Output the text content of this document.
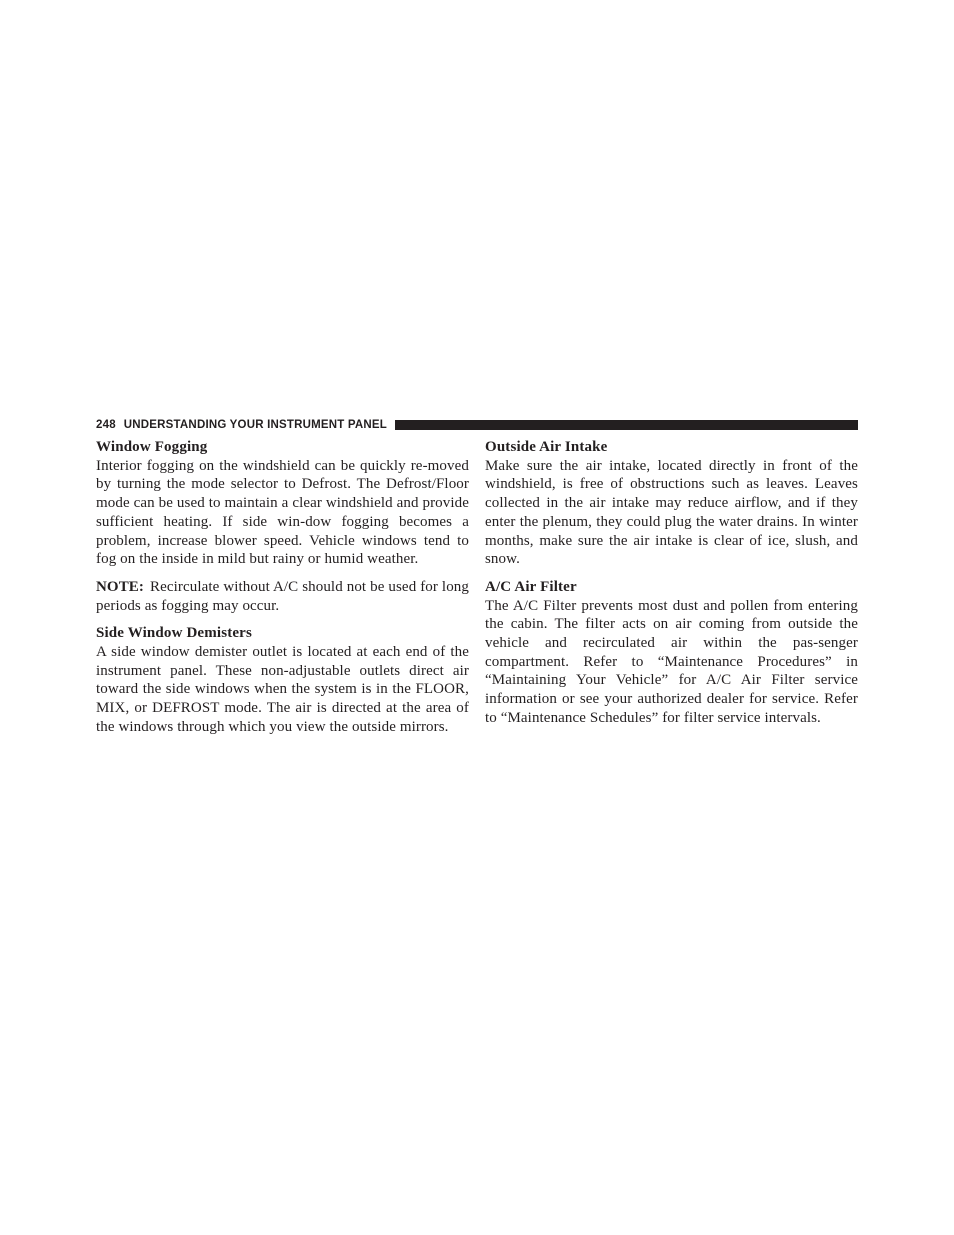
248 UNDERSTANDING YOUR INSTRUMENT PANEL
Window Fogging

Interior fogging on the windshield can be quickly re-moved by turning the mode selector to Defrost. The Defrost/Floor mode can be used to maintain a clear windshield and provide sufficient heating. If side win-dow fogging becomes a problem, increase blower speed. Vehicle windows tend to fog on the inside in mild but rainy or humid weather.

NOTE: Recirculate without A/C should not be used for long periods as fogging may occur.

Side Window Demisters

A side window demister outlet is located at each end of the instrument panel. These non-adjustable outlets direct air toward the side windows when the system is in the FLOOR, MIX, or DEFROST mode. The air is directed at the area of the windows through which you view the outside mirrors.

Outside Air Intake

Make sure the air intake, located directly in front of the windshield, is free of obstructions such as leaves. Leaves collected in the air intake may reduce airflow, and if they enter the plenum, they could plug the water drains. In winter months, make sure the air intake is clear of ice, slush, and snow.

A/C Air Filter

The A/C Filter prevents most dust and pollen from entering the cabin. The filter acts on air coming from outside the vehicle and recirculated air within the pas-senger compartment. Refer to “Maintenance Procedures” in “Maintaining Your Vehicle” for A/C Air Filter service information or see your authorized dealer for service. Refer to “Maintenance Schedules” for filter service intervals.
